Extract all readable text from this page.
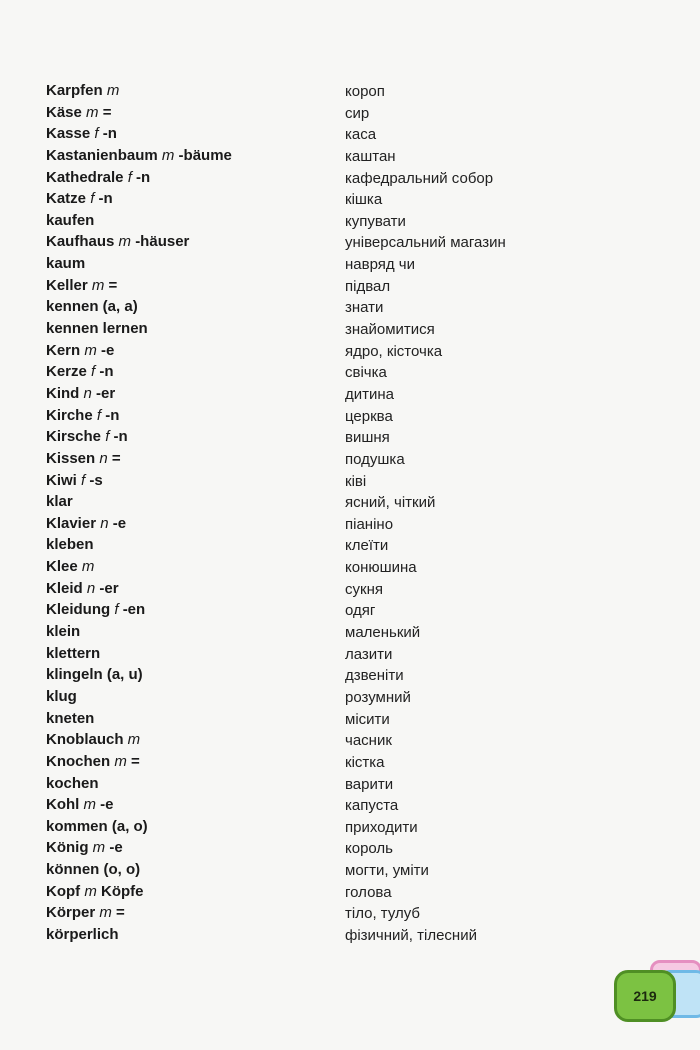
Karpfen m	короп
Käse m =	сир
Kasse f -n	каса
Kastanienbaum m -bäume	каштан
Kathedrale f -n	кафедральний собор
Katze f -n	кішка
kaufen	купувати
Kaufhaus m -häuser	універсальний магазин
kaum	навряд чи
Keller m =	підвал
kennen (a, a)	знати
kennen lernen	знайомитися
Kern m -e	ядро, кісточка
Kerze f -n	свічка
Kind n -er	дитина
Kirche f -n	церква
Kirsche f -n	вишня
Kissen n =	подушка
Kiwi f -s	ківі
klar	ясний, чіткий
Klavier n -e	піаніно
kleben	клеїти
Klee m	конюшина
Kleid n -er	сукня
Kleidung f -en	одяг
klein	маленький
klettern	лазити
klingeln (a, u)	дзвеніти
klug	розумний
kneten	місити
Knoblauch m	часник
Knochen m =	кістка
kochen	варити
Kohl m -e	капуста
kommen (a, o)	приходити
König m -e	король
können (o, o)	могти, уміти
Kopf m Köpfe	голова
Körper m =	тіло, тулуб
körperlich	фізичний, тілесний
219
